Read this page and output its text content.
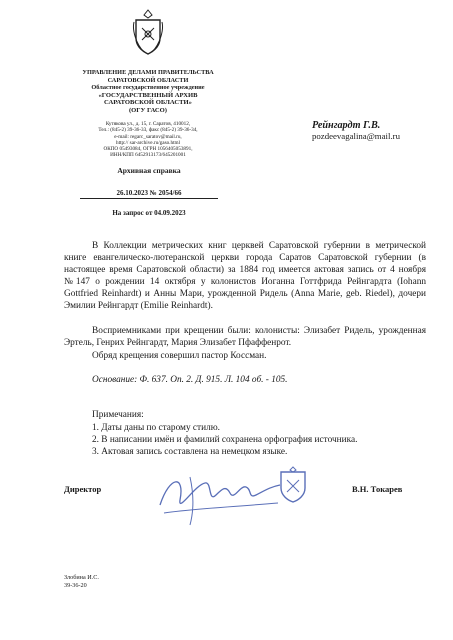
УПРАВЛЕНИЕ ДЕЛАМИ ПРАВИТЕЛЬСТВА
САРАТОВСКОЙ ОБЛАСТИ
Областное государственное учреждение
«ГОСУДАРСТВЕННЫЙ АРХИВ
САРАТОВСКОЙ ОБЛАСТИ»
(ОГУ ГАСО)
Кутякова ул., д. 15, г. Саратов, 410012,
Тел.: (845-2) 39-36-33, факс (845-2) 39-36-34,
e-mail: regarc_saratov@mail.ru,
http:// sar-archive.ru/gaso.html
ОКПО 05493084, ОГРН 1056405053891,
ИНН/КПП 6452913173/645201001
Рейнгардт Г.В.
pozdeevagalina@mail.ru
Архивная справка
26.10.2023 № 2054/66
На запрос от 04.09.2023
В Коллекции метрических книг церквей Саратовской губернии в метрической книге евангелическо-лютеранской церкви города Саратов Саратовской губернии (в настоящее время Саратовской области) за 1884 год имеется актовая запись от 4 ноября №147 о рождении 14 октября у колонистов Иоганна Готтфрида Рейнгардта (Iohann Gottfried Reinhardt) и Анны Мари, урожденной Ридель (Anna Marie, geb. Riedel), дочери Эмилии Рейнгардт (Emilie Reinhardt).
Восприемниками при крещении были: колонисты: Элизабет Ридель, урожденная Эртель, Генрих Рейнгардт, Мария Элизабет Пфаффенрот.
Обряд крещения совершил пастор Коссман.
Основание: Ф. 637. Оп. 2. Д. 915. Л. 104 об. - 105.
Примечания:
1. Даты даны по старому стилю.
2. В написании имён и фамилий сохранена орфография источника.
3. Актовая запись составлена на немецком языке.
Директор	В.Н. Токарев
Злобина И.С.
39-36-20
